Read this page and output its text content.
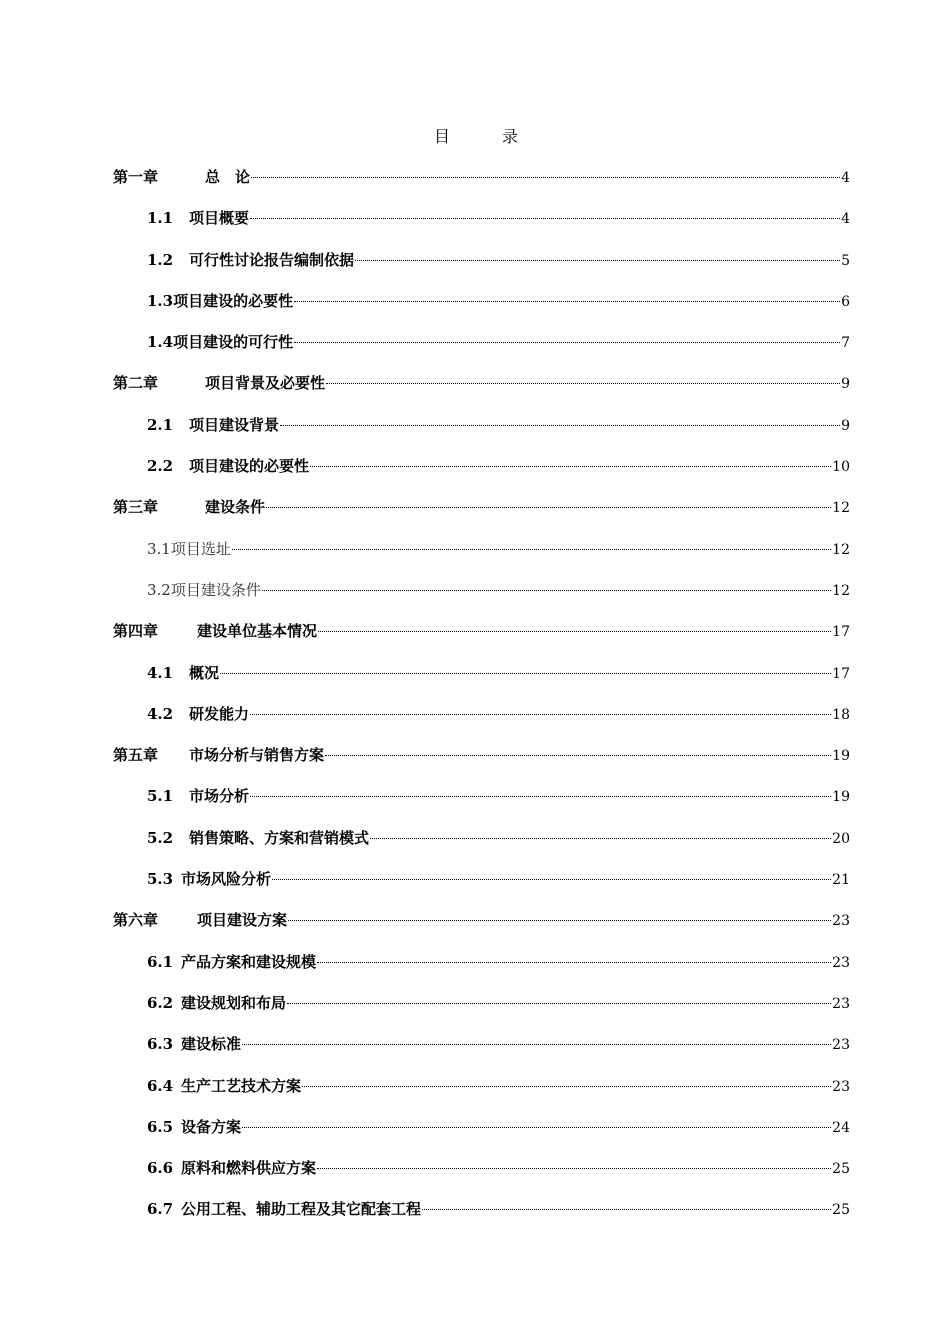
目　录
第一章	总　论	4
1.1 项目概要	4
1.2 可行性讨论报告编制依据	5
1.3项目建设的必要性	6
1.4项目建设的可行性	7
第二章	项目背景及必要性	9
2.1 项目建设背景	9
2.2 项目建设的必要性	10
第三章	建设条件	12
3.1项目选址	12
3.2项目建设条件	12
第四章	建设单位基本情况	17
4.1 概况	17
4.2 研发能力	18
第五章 市场分析与销售方案	19
5.1 市场分析	19
5.2 销售策略、方案和营销模式	20
5.3 市场风险分析	21
第六章	项目建设方案	23
6.1 产品方案和建设规模	23
6.2 建设规划和布局	23
6.3 建设标准	23
6.4 生产工艺技术方案	23
6.5 设备方案	24
6.6 原料和燃料供应方案	25
6.7 公用工程、辅助工程及其它配套工程	25
